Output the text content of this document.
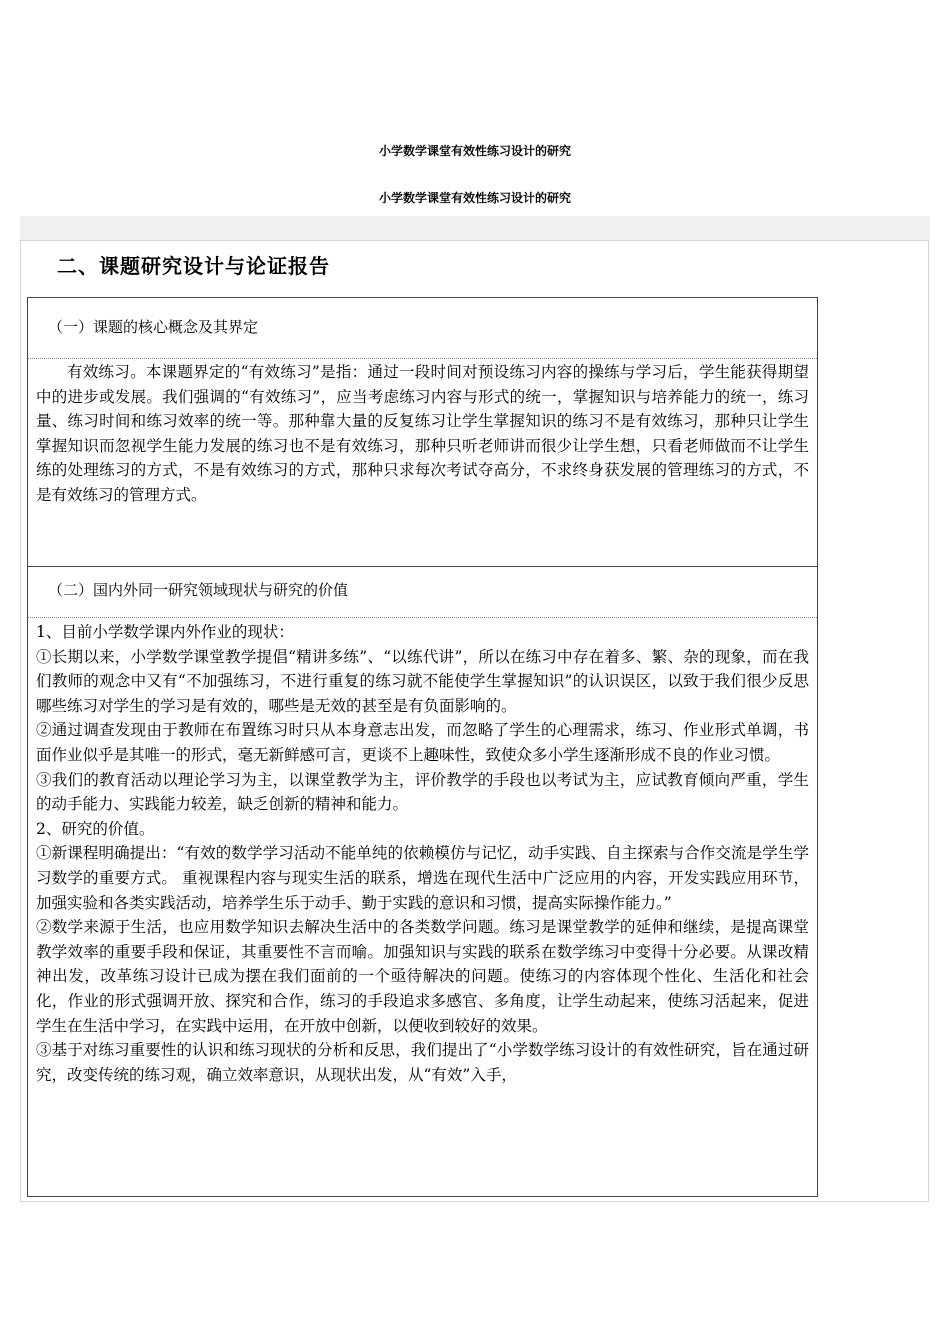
小学数学课堂有效性练习设计的研究
小学数学课堂有效性练习设计的研究
二、课题研究设计与论证报告
（一）课题的核心概念及其界定
有效练习。本课题界定的“有效练习”是指：通过一段时间对预设练习内容的操练与学习后，学生能获得期望中的进步或发展。我们强调的“有效练习”，应当考虑练习内容与形式的统一，掌握知识与培养能力的统一，练习量、练习时间和练习效率的统一等。那种靠大量的反复练习让学生掌握知识的练习不是有效练习，那种只让学生掌握知识而忽视学生能力发展的练习也不是有效练习，那种只听老师讲而很少让学生想，只看老师做而不让学生练的处理练习的方式，不是有效练习的方式，那种只求每次考试夺高分，不求终身获发展的管理练习的方式，不是有效练习的管理方式。
（二）国内外同一研究领域现状与研究的价值

1、目前小学数学课内外作业的现状：

①长期以来，小学数学课堂教学提倡“精讲多练”、“以练代讲”，所以在练习中存在着多、繁、杂的现象，而在我们教师的观念中又有“不加强练习，不进行重复的练习就不能使学生掌握知识”的认识误区，以致于我们很少反思哪些练习对学生的学习是有效的，哪些是无效的甚至是有负面影响的。

②通过调查发现由于教师在布置练习时只从本身意志出发，而忽略了学生的心理需求，练习、作业形式单调，书面作业似乎是其唯一的形式，毫无新鲜感可言，更谈不上趣味性，致使众多小学生逐渐形成不良的作业习惯。

③我们的教育活动以理论学习为主，以课堂教学为主，评价教学的手段也以考试为主，应试教育倾向严重，学生的动手能力、实践能力较差，缺乏创新的精神和能力。

2、研究的价值。

①新课程明确提出：“有效的数学学习活动不能单纯的依赖模仿与记忆，动手实践、自主探索与合作交流是学生学习数学的重要方式。 重视课程内容与现实生活的联系，增选在现代生活中广泛应用的内容，开发实践应用环节，加强实验和各类实践活动，培养学生乐于动手、勤于实践的意识和习惯，提高实际操作能力。”

②数学来源于生活，也应用数学知识去解决生活中的各类数学问题。练习是课堂教学的延伸和继续，是提高课堂教学效率的重要手段和保证，其重要性不言而喻。加强知识与实践的联系在数学练习中变得十分必要。从课改精神出发，改革练习设计已成为摆在我们面前的一个亟待解决的问题。使练习的内容体现个性化、生活化和社会化，作业的形式强调开放、探究和合作，练习的手段追求多感官、多角度，让学生动起来，使练习活起来，促进学生在生活中学习，在实践中运用，在开放中创新，以便收到较好的效果。

③基于对练习重要性的认识和练习现状的分析和反思，我们提出了“小学数学练习设计的有效性研究，旨在通过研究，改变传统的练习观，确立效率意识，从现状出发，从“有效”入手，
